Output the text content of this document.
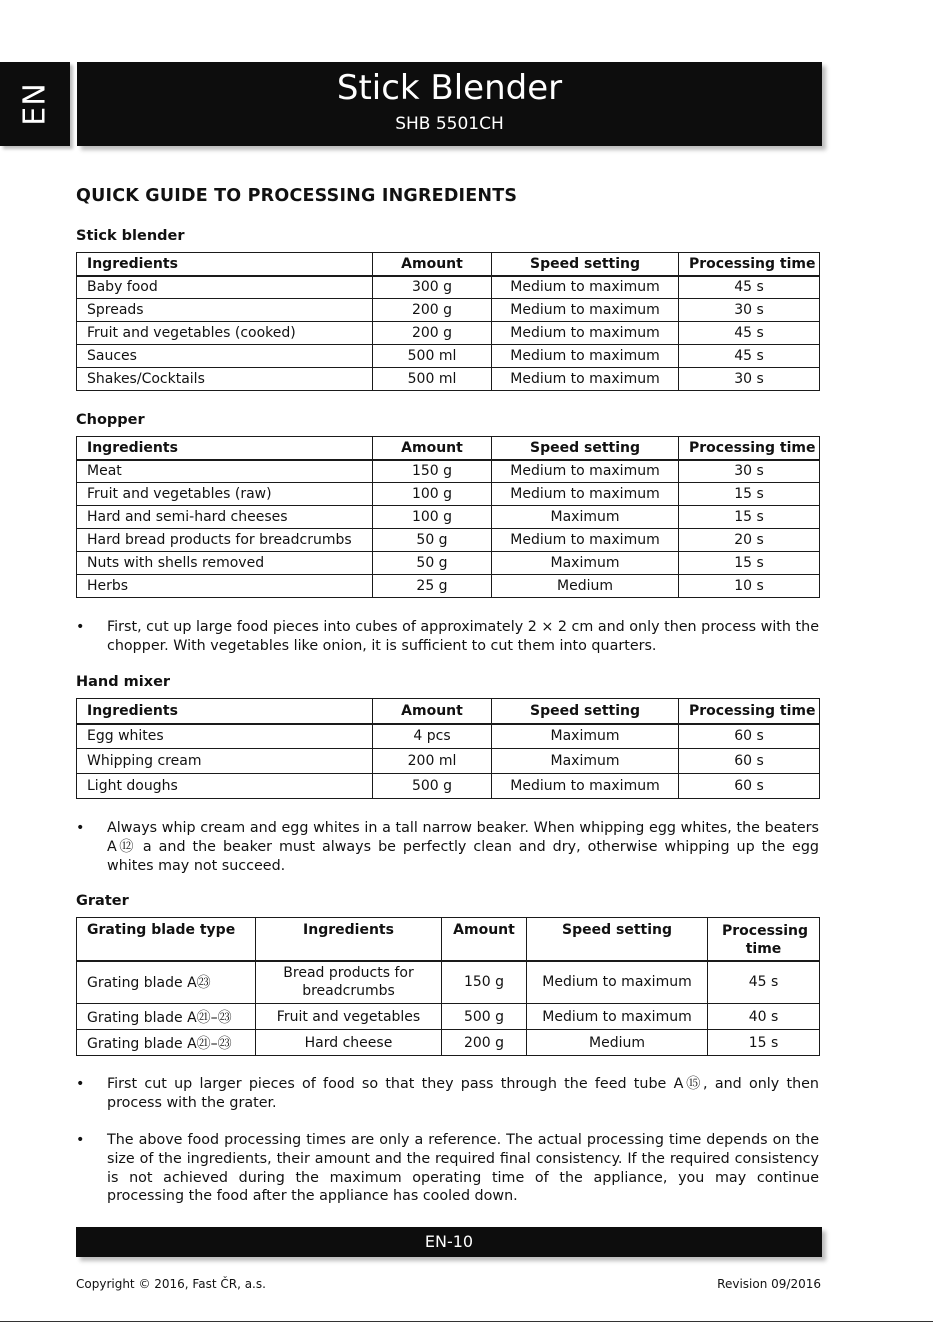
EN	Stick Blender
SHB 5501CH
QUICK GUIDE TO PROCESSING INGREDIENTS
Stick blender
Ingredients	Amount	Speed setting	Processing time
Baby food	300 g	Medium to maximum	45 s
Spreads	200 g	Medium to maximum	30 s
Fruit and vegetables (cooked)	200 g	Medium to maximum	45 s
Sauces	500 ml	Medium to maximum	45 s
Shakes/Cocktails	500 ml	Medium to maximum	30 s
Chopper
Ingredients	Amount	Speed setting	Processing time
Meat	150 g	Medium to maximum	30 s
Fruit and vegetables (raw)	100 g	Medium to maximum	15 s
Hard and semi-hard cheeses	100 g	Maximum	15 s
Hard bread products for breadcrumbs	50 g	Medium to maximum	20 s
Nuts with shells removed	50 g	Maximum	15 s
Herbs	25 g	Medium	10 s
• First, cut up large food pieces into cubes of approximately 2 × 2 cm and only then process with the chopper. With vegetables like onion, it is sufficient to cut them into quarters.
Hand mixer
Ingredients	Amount	Speed setting	Processing time
Egg whites	4 pcs	Maximum	60 s
Whipping cream	200 ml	Maximum	60 s
Light doughs	500 g	Medium to maximum	60 s
• Always whip cream and egg whites in a tall narrow beaker. When whipping egg whites, the beaters A⑫ a and the beaker must always be perfectly clean and dry, otherwise whipping up the egg whites may not succeed.
Grater
Grating blade type	Ingredients	Amount	Speed setting	Processing time
Grating blade A㉓	Bread products for breadcrumbs	150 g	Medium to maximum	45 s
Grating blade A㉑–㉓	Fruit and vegetables	500 g	Medium to maximum	40 s
Grating blade A㉑–㉓	Hard cheese	200 g	Medium	15 s
• First cut up larger pieces of food so that they pass through the feed tube A⑮, and only then process with the grater.
• The above food processing times are only a reference. The actual processing time depends on the size of the ingredients, their amount and the required final consistency. If the required consistency is not achieved during the maximum operating time of the appliance, you may continue processing the food after the appliance has cooled down.
EN-10
Copyright © 2016, Fast ČR, a.s.	Revision 09/2016
